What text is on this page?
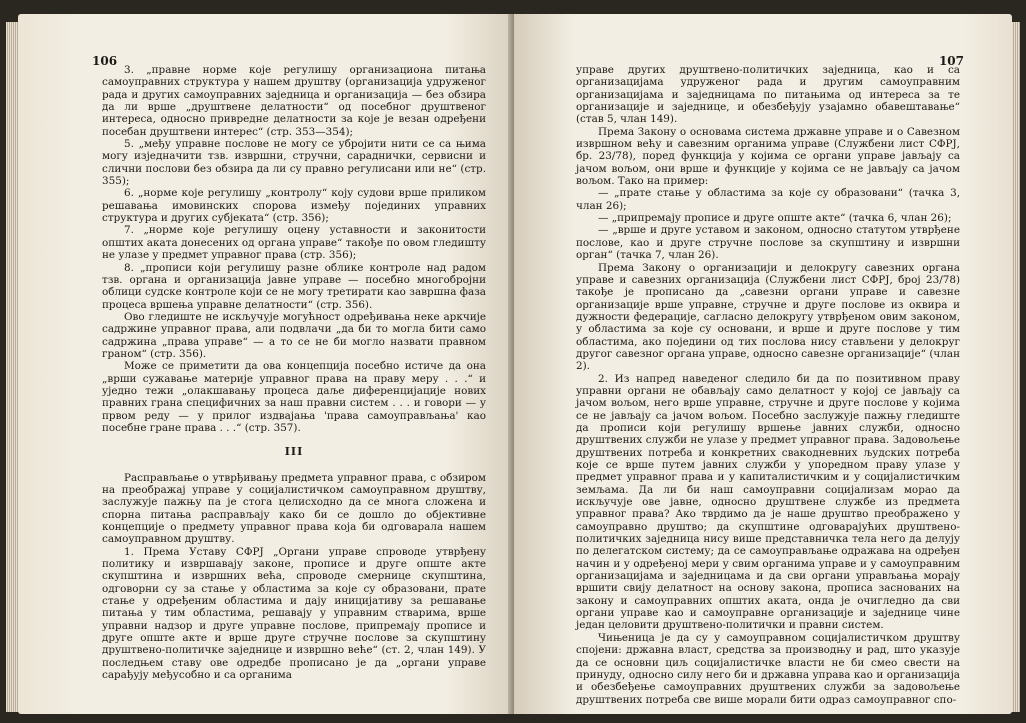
106

3. „правне норме које регулишу организациона питања самоуправних структура у нашем друштву (организација удруженог рада и других самоуправних заједница и организација — без обзира да ли врше „друштвене делатности“ од посебног друштвеног интереса, односно привредне делатности за које је везан одређени посебан друштвени интерес“ (стр. 353—354);

5. „међу управне послове не могу се убројити нити се са њима могу изједначити тзв. извршни, стручни, сараднички, сервисни и слични послови без обзира да ли су правно регулисани или не“ (стр. 355);

6. „норме које регулишу „контролу“ коју судови врше приликом решавања имовинских спорова између појединих управних структура и других субјеката“ (стр. 356);

7. „норме које регулишу оцену уставности и законитости општих аката донесених од органа управе“ такође по овом гледишту не улазе у предмет управног права (стр. 356);

8. „прописи који регулишу разне облике контроле над радом тзв. органа и организација јавне управе — посебно многобројни облици судске контроле који се не могу третирати као завршна фаза процеса вршења управне делатности“ (стр. 356).

Ово гледиште не искључује могућност одређивања неке аркчије садржине управног права, али подвлачи „да би то могла бити само садржина „права управе“ — а то се не би могло назвати правном граном“ (стр. 356).

Може се приметити да ова концепција посебно истиче да она „врши сужавање материје управног права на праву меру . . .“ и уједно тежи „олакшавању процеса даље диференцијације нових правних грана специфичних за наш правни систем . . . и говори — у првом реду — у прилог издвајања 'права самоуправљања' као посебне гране права . . .“ (стр. 357).

III

Расправљање о утврђивању предмета управног права, с обзиром на преображај управе у социјалистичком самоуправном друштву, заслужује пажњу па је стога целисходно да се многа сложена и спорна питања расправљају како би се дошло до објективне концепције о предмету управног права која би одговарала нашем самоуправном друштву.

1. Према Уставу СФРЈ „Органи управе спроводе утврђену политику и извршавају законе, прописе и друге опште акте скупштина и извршних већа, спроводе смернице скупштина, одговорни су за стање у областима за које су образовани, прате стање у одређеним областима и дају иницијативу за решавање питања у тим областима, решавају у управним стварима, врше управни надзор и друге управне послове, припремају прописе и друге опште акте и врше друге стручне послове за скупштину друштвено-политичке заједнице и извршно веће“ (ст. 2, члан 149). У последњем ставу ове одредбе прописано је да „органи управе сарађују међусобно и са органима

107

управе других друштвено-политичких заједница, као и са организацијама удруженог рада и другим самоуправним организацијама и заједницама по питањима од интереса за те организације и заједнице, и обезбеђују узајамно обавештавање“ (став 5, члан 149).

Према Закону о основама система државне управе и о Савезном извршном већу и савезним органима управе (Службени лист СФРЈ, бр. 23/78), поред функција у којима се органи управе јављају са јачом вољом, они врше и функције у којима се не јављају са јачом вољом. Тако на пример:

— „прате стање у областима за које су образовани“ (тачка 3, члан 26);

— „припремају прописе и друге опште акте“ (тачка 6, члан 26);

— „врше и друге уставом и законом, односно статутом утврђене послове, као и друге стручне послове за скупштину и извршни орган“ (тачка 7, члан 26).

Према Закону о организацији и делокругу савезних органа управе и савезних организација (Службени лист СФРЈ, број 23/78) такође је прописано да „савезни органи управе и савезне организације врше управне, стручне и друге послове из оквира и дужности федерације, сагласно делокругу утврђеном овим законом, у областима за које су основани, и врше и друге послове у тим областима, ако поједини од тих послова нису стављени у делокруг другог савезног органа управе, односно савезне организације“ (члан 2).

2. Из напред наведеног следило би да по позитивном праву управни органи не обављају само делатност у којој се јављају са јачом вољом, него врше управне, стручне и друге послове у којима се не јављају са јачом вољом. Посебно заслужује пажњу гледиште да прописи који регулишу вршење јавних служби, односно друштвених служби не улазе у предмет управног права. Задовољење друштвених потреба и конкретних свакодневних људских потреба које се врше путем јавних служби у упоредном праву улазе у предмет управног права и у капиталистичким и у социјалистичким земљама. Да ли би наш самоуправни социјализам морао да искључује ове јавне, односно друштвене службе из предмета управног права? Ако тврдимо да је наше друштво преображено у самоуправно друштво; да скупштине одговарајућих друштвено-политичких заједница нису више представничка тела него да делују по делегатском систему; да се самоуправљање одражава на одређен начин и у одређеној мери у свим органима управе и у самоуправним организацијама и заједницама и да сви органи управљања морају вршити свију делатност на основу закона, прописа заснованих на закону и самоуправних општих аката, онда је очигледно да сви органи управе као и самоуправне организације и заједнице чине један целовити друштвено-политички и правни систем.

Чињеница је да су у самоуправном социјалистичком друштву спојени: државна власт, средства за производњу и рад, што указује да се основни циљ социјалистичке власти не би смео свести на принуду, односно силу него би и државна управа као и организација и обезбеђење самоуправних друштвених служби за задовољење друштвених потреба све више морали бити одраз самоуправног спо-
